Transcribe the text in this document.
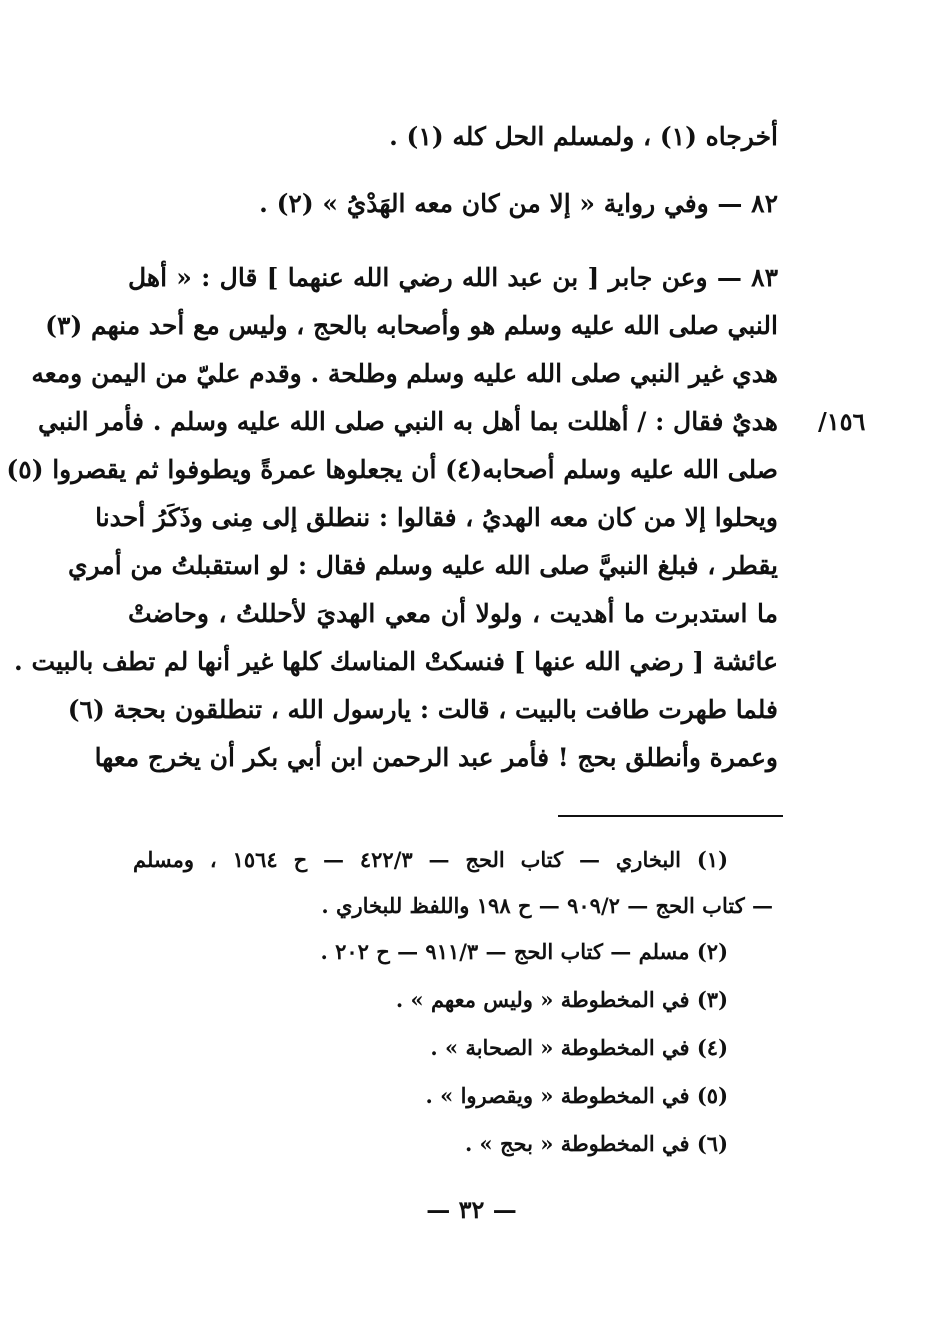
أخرجاه (١) ، ولمسلم الحل كله (١) .
٨٢ — وفي رواية « إلا من كان معه الهَدْيُ » (٢) .
٨٣ — وعن جابر [ بن عبد الله رضي الله عنهما ] قال : « أهل
النبي صلى الله عليه وسلم هو وأصحابه بالحج ، وليس مع أحد منهم (٣)
هدي غير النبي صلى الله عليه وسلم وطلحة . وقدم عليّ من اليمن ومعه
هديٌ فقال : / أهللت بما أهل به النبي صلى الله عليه وسلم . فأمر النبي
صلى الله عليه وسلم أصحابه(٤) أن يجعلوها عمرةً ويطوفوا ثم يقصروا (٥)
ويحلوا إلا من كان معه الهديُ ، فقالوا : ننطلق إلى مِنى وذَكَرُ أحدنا
يقطر ، فبلغ النبيَّ صلى الله عليه وسلم فقال : لو استقبلتُ من أمري
ما استدبرت ما أهديت ، ولولا أن معي الهديَ لأحللتُ ، وحاضتْ
عائشة [ رضي الله عنها ] فنسكتْ المناسك كلها غير أنها لم تطف بالبيت .
فلما طهرت طافت بالبيت ، قالت : يارسول الله ، تنطلقون بحجة (٦)
وعمرة وأنطلق بحج ! فأمر عبد الرحمن ابن أبي بكر أن يخرج معها
١٥٦/
(١) البخاري — كتاب الحج — ٤٢٢/٣ — ح ١٥٦٤ ، ومسلم
— كتاب الحج — ٩٠٩/٢ — ح ١٩٨ واللفظ للبخاري .
(٢) مسلم — كتاب الحج — ٩١١/٣ — ح ٢٠٢ .
(٣) في المخطوطة « وليس معهم » .
(٤) في المخطوطة « الصحابة » .
(٥) في المخطوطة « ويقصروا » .
(٦) في المخطوطة « بحج » .
— ٣٢ —
